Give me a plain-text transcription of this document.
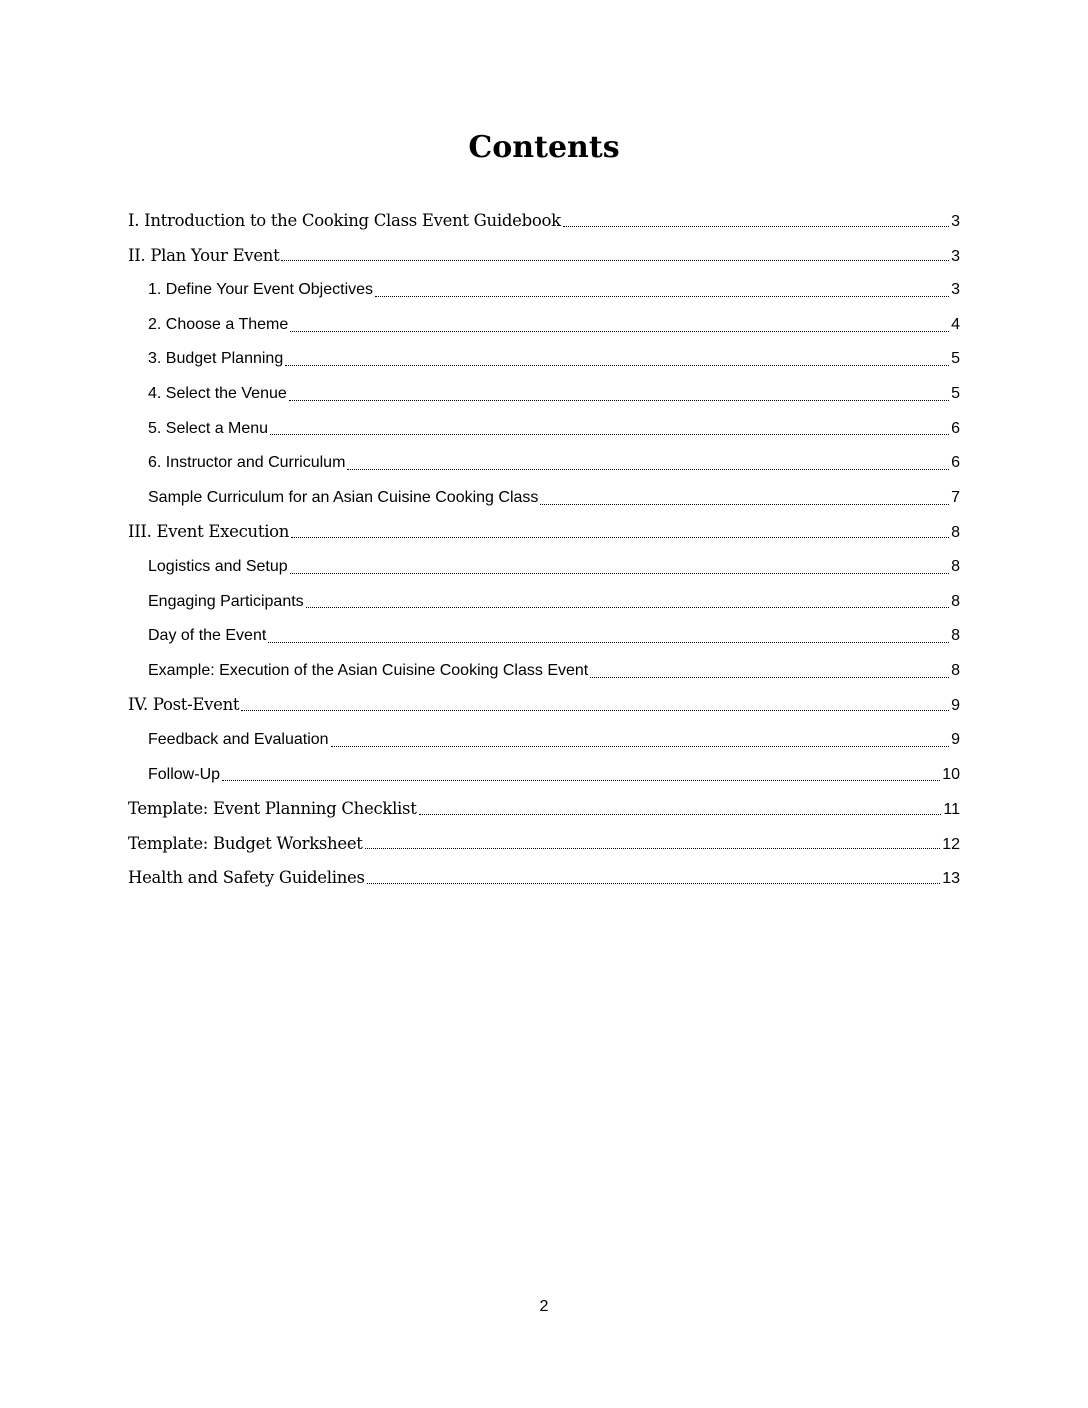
Contents
I. Introduction to the Cooking Class Event Guidebook	3
II. Plan Your Event	3
1. Define Your Event Objectives	3
2. Choose a Theme	4
3. Budget Planning	5
4. Select the Venue	5
5. Select a Menu	6
6. Instructor and Curriculum	6
Sample Curriculum for an Asian Cuisine Cooking Class	7
III. Event Execution	8
Logistics and Setup	8
Engaging Participants	8
Day of the Event	8
Example: Execution of the Asian Cuisine Cooking Class Event	8
IV. Post-Event	9
Feedback and Evaluation	9
Follow-Up	10
Template: Event Planning Checklist	11
Template: Budget Worksheet	12
Health and Safety Guidelines	13
2
